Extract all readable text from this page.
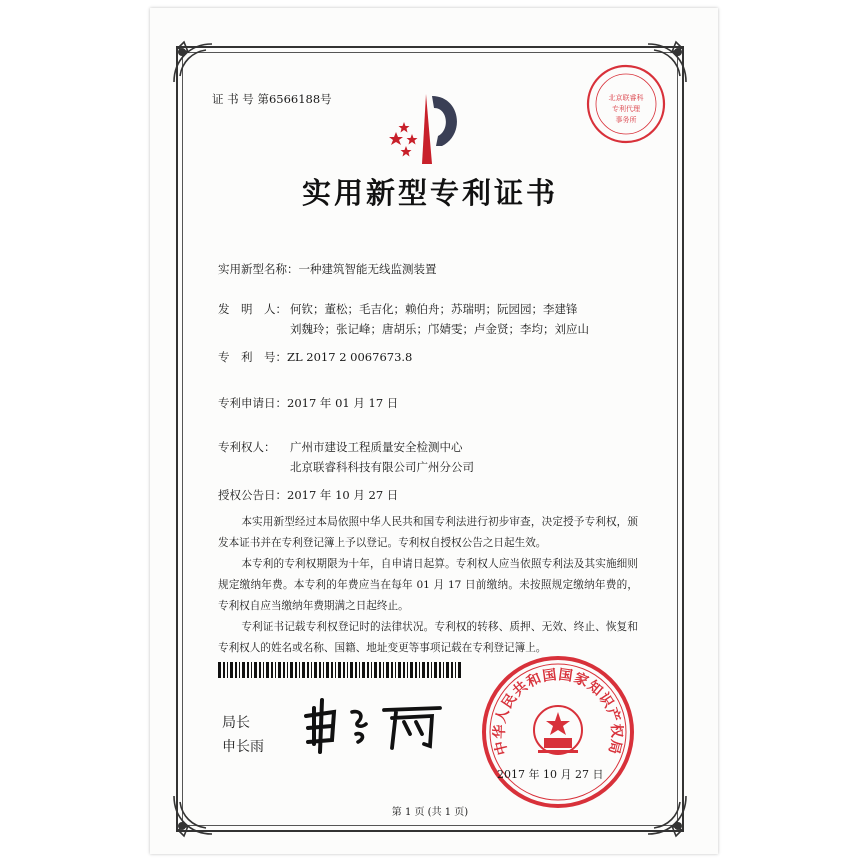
证 书 号 第6566188号	北京联睿科
专利代理
事务所
实用新型专利证书
实用新型名称：一种建筑智能无线监测装置
发　明　人： 何钦；董松；毛吉化；赖伯舟；苏瑞明；阮园园；李建锋
刘魏玲；张记峰；唐胡乐；邝婧雯；卢金贤；李均；刘应山
专　利　号：ZL 2017 2 0067673.8
专利申请日：2017 年 01 月 17 日
专利权人： 广州市建设工程质量安全检测中心
北京联睿科科技有限公司广州分公司
授权公告日：2017 年 10 月 27 日

本实用新型经过本局依照中华人民共和国专利法进行初步审查，决定授予专利权，颁发本证书并在专利登记簿上予以登记。专利权自授权公告之日起生效。

本专利的专利权期限为十年，自申请日起算。专利权人应当依照专利法及其实施细则规定缴纳年费。本专利的年费应当在每年 01 月 17 日前缴纳。未按照规定缴纳年费的，专利权自应当缴纳年费期满之日起终止。

专利证书记载专利权登记时的法律状况。专利权的转移、质押、无效、终止、恢复和专利权人的姓名或名称、国籍、地址变更等事项记载在专利登记簿上。

局长
申长雨	中华人民共和国国家知识产权局
2017 年 10 月 27 日
第 1 页 (共 1 页)
